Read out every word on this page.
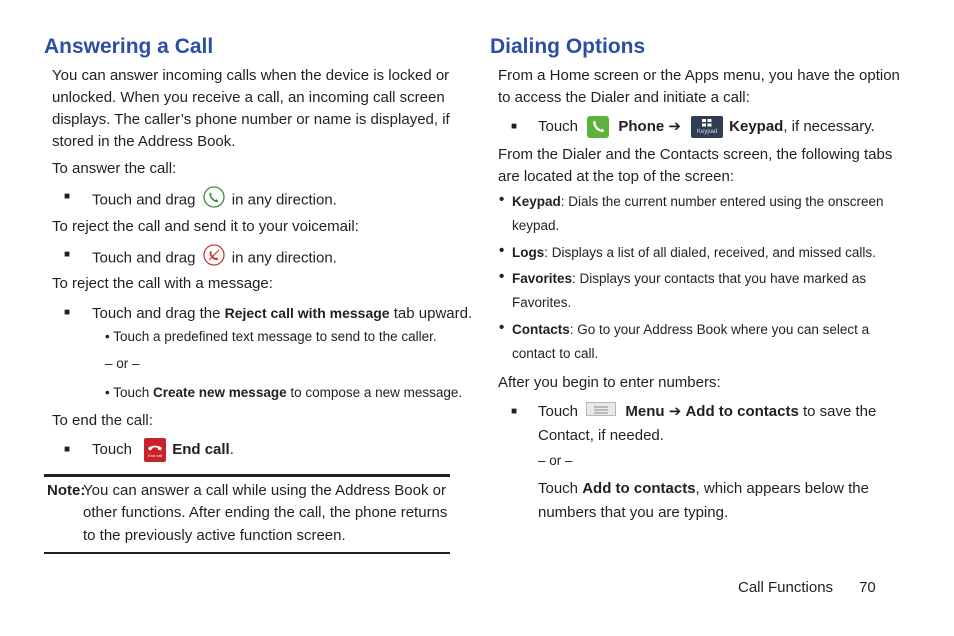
Answering a Call

You can answer incoming calls when the device is locked or

unlocked. When you receive a call, an incoming call screen

displays. The caller’s phone number or name is displayed, if

stored in the Address Book.

To answer the call:

■ Touch and drag in any direction.

To reject the call and send it to your voicemail:

■ Touch and drag in any direction.

To reject the call with a message:

■ Touch and drag the Reject call with message tab upward.

• Touch a predefined text message to send to the caller.

– or –

• Touch Create new message to compose a new message.

To end the call:

■ Touch	End call End call.

Note:

You can answer a call while using the Address Book or

other functions. After ending the call, the phone returns

to the previously active function screen.

Dialing Options

From a Home screen or the Apps menu, you have the option

to access the Dialer and initiate a call:

■ Touch	Phone ➔	Keypad Keypad, if necessary.

From the Dialer and the Contacts screen, the following tabs

are located at the top of the screen:

• Keypad: Dials the current number entered using the onscreen

keypad.

• Logs: Displays a list of all dialed, received, and missed calls.

• Favorites: Displays your contacts that you have marked as

Favorites.

• Contacts: Go to your Address Book where you can select a

contact to call.

After you begin to enter numbers:

■ Touch	Menu ➔ Add to contacts to save the

Contact, if needed.

– or –

Touch Add to contacts, which appears below the

numbers that you are typing.

Call Functions 70
